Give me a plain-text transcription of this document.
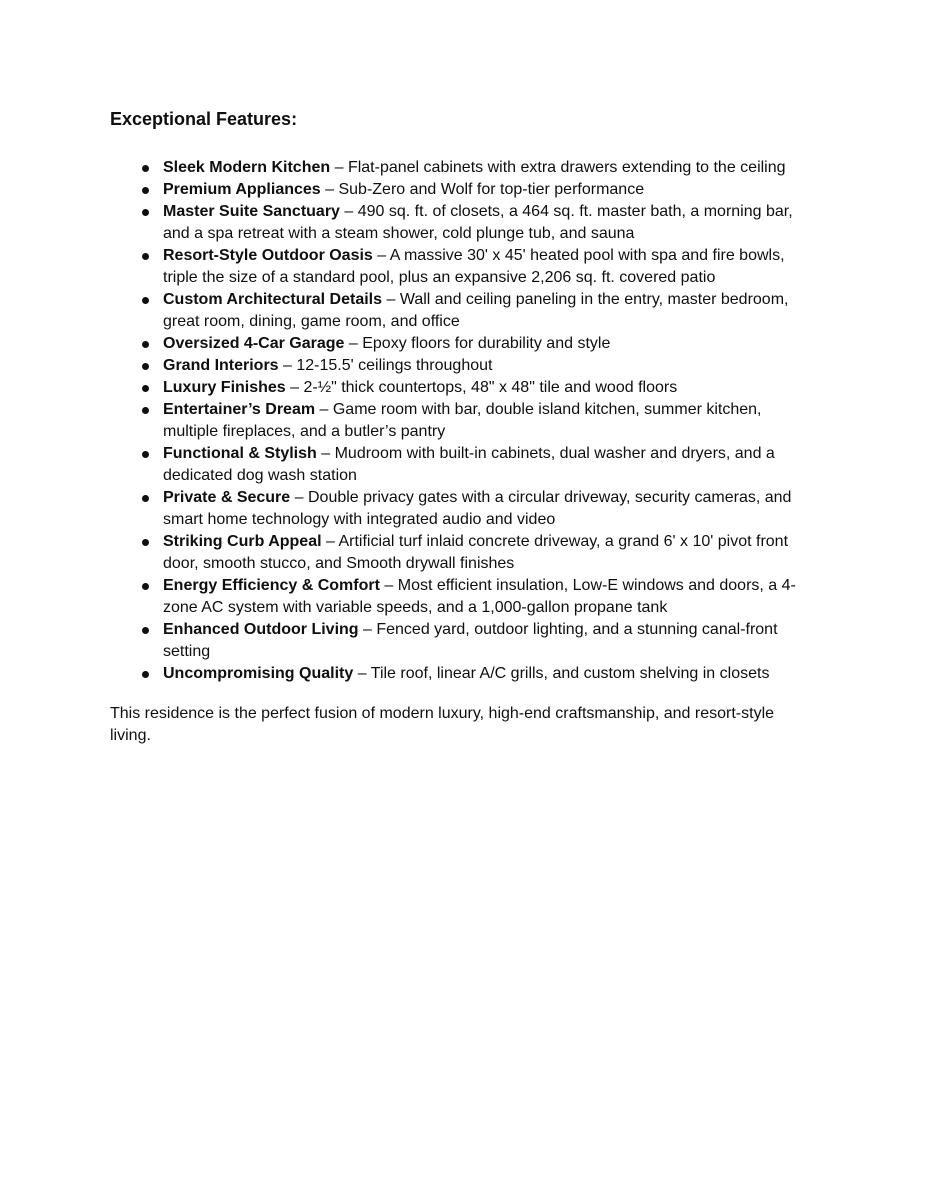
Exceptional Features:
Sleek Modern Kitchen – Flat-panel cabinets with extra drawers extending to the ceiling
Premium Appliances – Sub-Zero and Wolf for top-tier performance
Master Suite Sanctuary – 490 sq. ft. of closets, a 464 sq. ft. master bath, a morning bar, and a spa retreat with a steam shower, cold plunge tub, and sauna
Resort-Style Outdoor Oasis – A massive 30' x 45' heated pool with spa and fire bowls, triple the size of a standard pool, plus an expansive 2,206 sq. ft. covered patio
Custom Architectural Details – Wall and ceiling paneling in the entry, master bedroom, great room, dining, game room, and office
Oversized 4-Car Garage – Epoxy floors for durability and style
Grand Interiors – 12-15.5' ceilings throughout
Luxury Finishes – 2-½" thick countertops, 48" x 48" tile and wood floors
Entertainer’s Dream – Game room with bar, double island kitchen, summer kitchen, multiple fireplaces, and a butler’s pantry
Functional & Stylish – Mudroom with built-in cabinets, dual washer and dryers, and a dedicated dog wash station
Private & Secure – Double privacy gates with a circular driveway, security cameras, and smart home technology with integrated audio and video
Striking Curb Appeal – Artificial turf inlaid concrete driveway, a grand 6' x 10' pivot front door, smooth stucco, and Smooth drywall finishes
Energy Efficiency & Comfort – Most efficient insulation, Low-E windows and doors, a 4-zone AC system with variable speeds, and a 1,000-gallon propane tank
Enhanced Outdoor Living – Fenced yard, outdoor lighting, and a stunning canal-front setting
Uncompromising Quality – Tile roof, linear A/C grills, and custom shelving in closets

This residence is the perfect fusion of modern luxury, high-end craftsmanship, and resort-style living.
